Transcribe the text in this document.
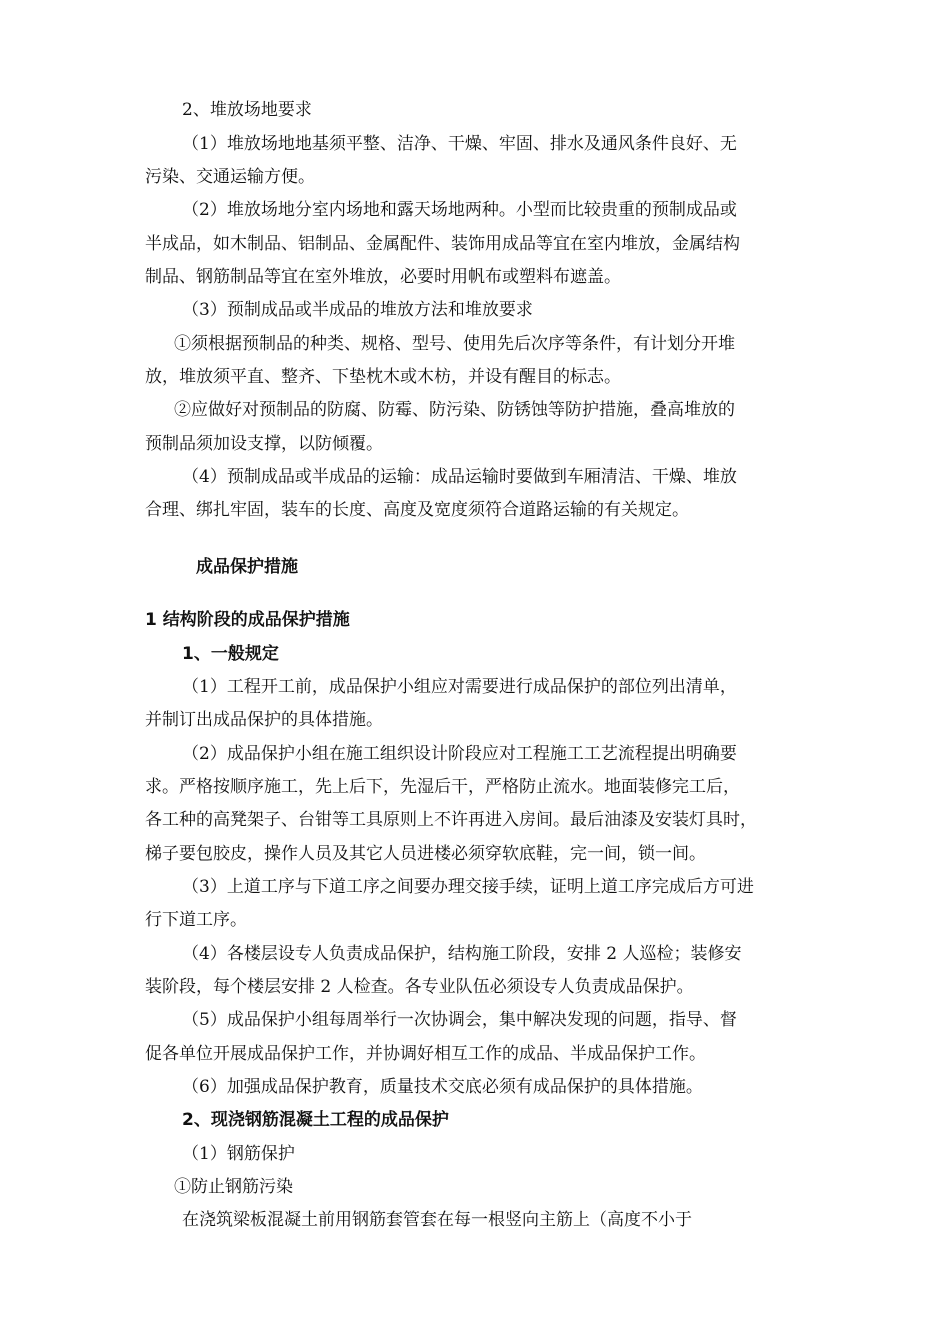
2、堆放场地要求
（1）堆放场地地基须平整、洁净、干燥、牢固、排水及通风条件良好、无
污染、交通运输方便。
（2）堆放场地分室内场地和露天场地两种。小型而比较贵重的预制成品或
半成品，如木制品、铝制品、金属配件、装饰用成品等宜在室内堆放，金属结构
制品、钢筋制品等宜在室外堆放，必要时用帆布或塑料布遮盖。
（3）预制成品或半成品的堆放方法和堆放要求
①须根据预制品的种类、规格、型号、使用先后次序等条件，有计划分开堆
放，堆放须平直、整齐、下垫枕木或木枋，并设有醒目的标志。
②应做好对预制品的防腐、防霉、防污染、防锈蚀等防护措施，叠高堆放的
预制品须加设支撑，以防倾覆。
（4）预制成品或半成品的运输：成品运输时要做到车厢清洁、干燥、堆放
合理、绑扎牢固，装车的长度、高度及宽度须符合道路运输的有关规定。
成品保护措施
1 结构阶段的成品保护措施
1、一般规定
（1）工程开工前，成品保护小组应对需要进行成品保护的部位列出清单，
并制订出成品保护的具体措施。
（2）成品保护小组在施工组织设计阶段应对工程施工工艺流程提出明确要
求。严格按顺序施工，先上后下，先湿后干，严格防止流水。地面装修完工后，
各工种的高凳架子、台钳等工具原则上不许再进入房间。最后油漆及安装灯具时，
梯子要包胶皮，操作人员及其它人员进楼必须穿软底鞋，完一间，锁一间。
（3）上道工序与下道工序之间要办理交接手续，证明上道工序完成后方可进
行下道工序。
（4）各楼层设专人负责成品保护，结构施工阶段，安排 2 人巡检；装修安
装阶段，每个楼层安排 2 人检查。各专业队伍必须设专人负责成品保护。
（5）成品保护小组每周举行一次协调会，集中解决发现的问题，指导、督
促各单位开展成品保护工作，并协调好相互工作的成品、半成品保护工作。
（6）加强成品保护教育，质量技术交底必须有成品保护的具体措施。
2、现浇钢筋混凝土工程的成品保护
（1）钢筋保护
①防止钢筋污染
在浇筑梁板混凝土前用钢筋套管套在每一根竖向主筋上（高度不小于
